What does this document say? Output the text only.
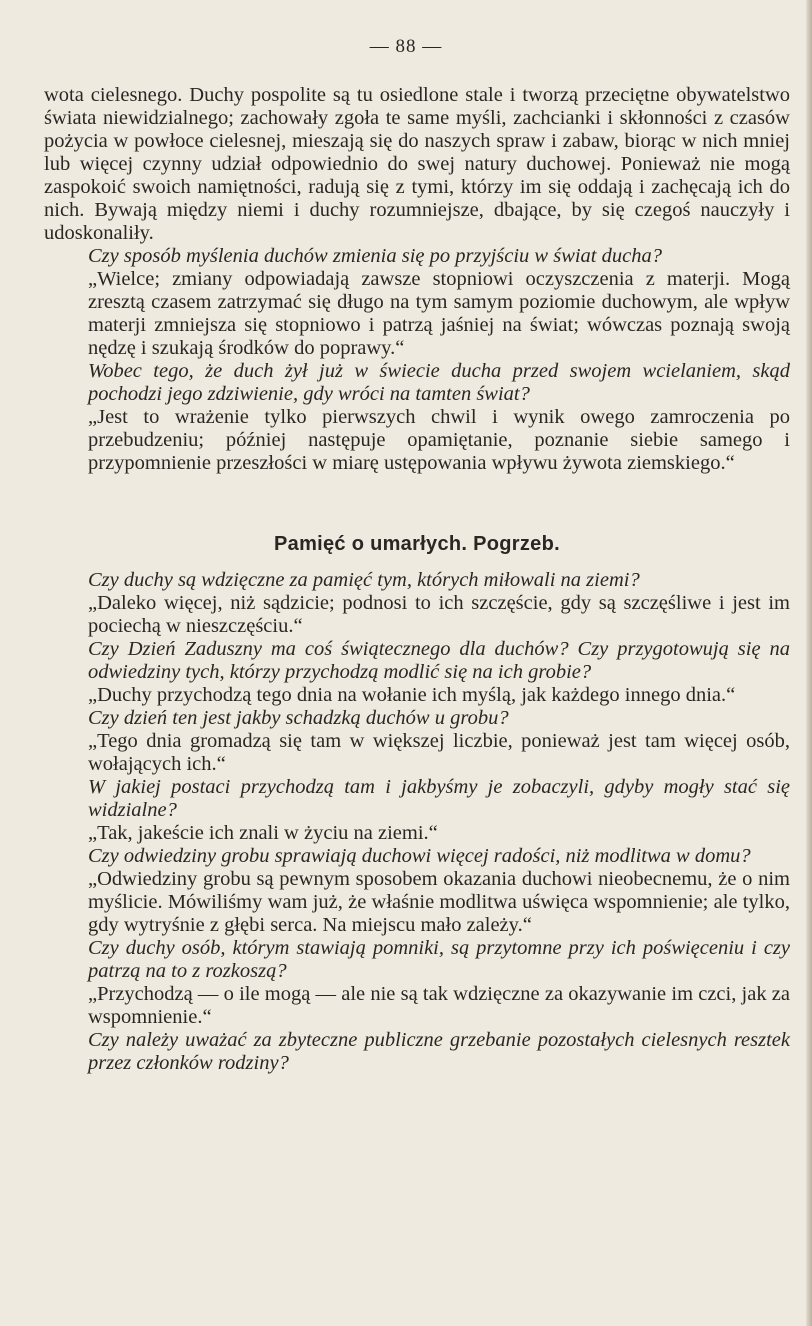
— 88 —

wota cielesnego. Duchy pospolite są tu osiedlone stale i tworzą przeciętne obywatelstwo świata niewidzialnego; zachowały zgoła te same myśli, zachcianki i skłonności z czasów pożycia w powłoce cielesnej, mieszają się do naszych spraw i zabaw, biorąc w nich mniej lub więcej czynny udział odpowiednio do swej natury duchowej. Ponieważ nie mogą zaspokoić swoich namiętności, radują się z tymi, którzy im się oddają i zachęcają ich do nich. Bywają między niemi i duchy rozumniejsze, dbające, by się czegoś nauczyły i udoskonaliły.

Czy sposób myślenia duchów zmienia się po przyjściu w świat ducha?

„Wielce; zmiany odpowiadają zawsze stopniowi oczyszczenia z materji. Mogą zresztą czasem zatrzymać się długo na tym samym poziomie duchowym, ale wpływ materji zmniejsza się stopniowo i patrzą jaśniej na świat; wówczas poznają swoją nędzę i szukają środków do poprawy.“

Wobec tego, że duch żył już w świecie ducha przed swojem wcielaniem, skąd pochodzi jego zdziwienie, gdy wróci na tamten świat?

„Jest to wrażenie tylko pierwszych chwil i wynik owego zamroczenia po przebudzeniu; później następuje opamiętanie, poznanie siebie samego i przypomnienie przeszłości w miarę ustępowania wpływu żywota ziemskiego.“

Pamięć o umarłych. Pogrzeb.

Czy duchy są wdzięczne za pamięć tym, których miłowali na ziemi?

„Daleko więcej, niż sądzicie; podnosi to ich szczęście, gdy są szczęśliwe i jest im pociechą w nieszczęściu.“

Czy Dzień Zaduszny ma coś świątecznego dla duchów? Czy przygotowują się na odwiedziny tych, którzy przychodzą modlić się na ich grobie?

„Duchy przychodzą tego dnia na wołanie ich myślą, jak każdego innego dnia.“

Czy dzień ten jest jakby schadzką duchów u grobu?

„Tego dnia gromadzą się tam w większej liczbie, ponieważ jest tam więcej osób, wołających ich.“

W jakiej postaci przychodzą tam i jakbyśmy je zobaczyli, gdyby mogły stać się widzialne?

„Tak, jakeście ich znali w życiu na ziemi.“

Czy odwiedziny grobu sprawiają duchowi więcej radości, niż modlitwa w domu?

„Odwiedziny grobu są pewnym sposobem okazania duchowi nieobecnemu, że o nim myślicie. Mówiliśmy wam już, że właśnie modlitwa uświęca wspomnienie; ale tylko, gdy wytryśnie z głębi serca. Na miejscu mało zależy.“

Czy duchy osób, którym stawiają pomniki, są przytomne przy ich poświęceniu i czy patrzą na to z rozkoszą?

„Przychodzą — o ile mogą — ale nie są tak wdzięczne za okazywanie im czci, jak za wspomnienie.“

Czy należy uważać za zbyteczne publiczne grzebanie pozostałych cielesnych resztek przez członków rodziny?
